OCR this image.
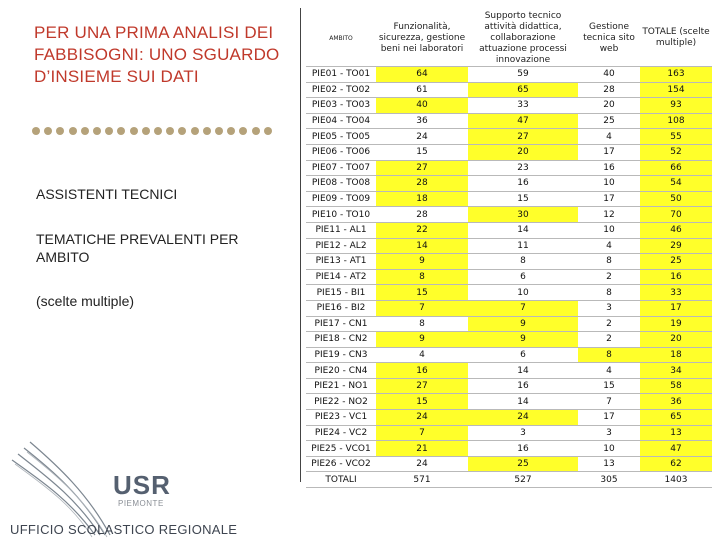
PER UNA PRIMA ANALISI DEI FABBISOGNI: UNO SGUARDO D’INSIEME SUI DATI
ASSISTENTI TECNICI
TEMATICHE PREVALENTI PER AMBITO
(scelte multiple)
USR
PIEMONTE
UFFICIO SCOLASTICO REGIONALE
AMBITO	Funzionalità, sicurezza, gestione beni nei laboratori	Supporto tecnico attività didattica, collaborazione attuazione processi innovazione	Gestione tecnica sito web	TOTALE (scelte multiple)
PIE01 - TO01	64	59	40	163
PIE02 - TO02	61	65	28	154
PIE03 - TO03	40	33	20	93
PIE04 - TO04	36	47	25	108
PIE05 - TO05	24	27	4	55
PIE06 - TO06	15	20	17	52
PIE07 - TO07	27	23	16	66
PIE08 - TO08	28	16	10	54
PIE09 - TO09	18	15	17	50
PIE10 - TO10	28	30	12	70
PIE11 - AL1	22	14	10	46
PIE12 - AL2	14	11	4	29
PIE13 - AT1	9	8	8	25
PIE14 - AT2	8	6	2	16
PIE15 - BI1	15	10	8	33
PIE16 - BI2	7	7	3	17
PIE17 - CN1	8	9	2	19
PIE18 - CN2	9	9	2	20
PIE19 - CN3	4	6	8	18
PIE20 - CN4	16	14	4	34
PIE21 - NO1	27	16	15	58
PIE22 - NO2	15	14	7	36
PIE23 - VC1	24	24	17	65
PIE24 - VC2	7	3	3	13
PIE25 - VCO1	21	16	10	47
PIE26 - VCO2	24	25	13	62
TOTALI	571	527	305	1403
